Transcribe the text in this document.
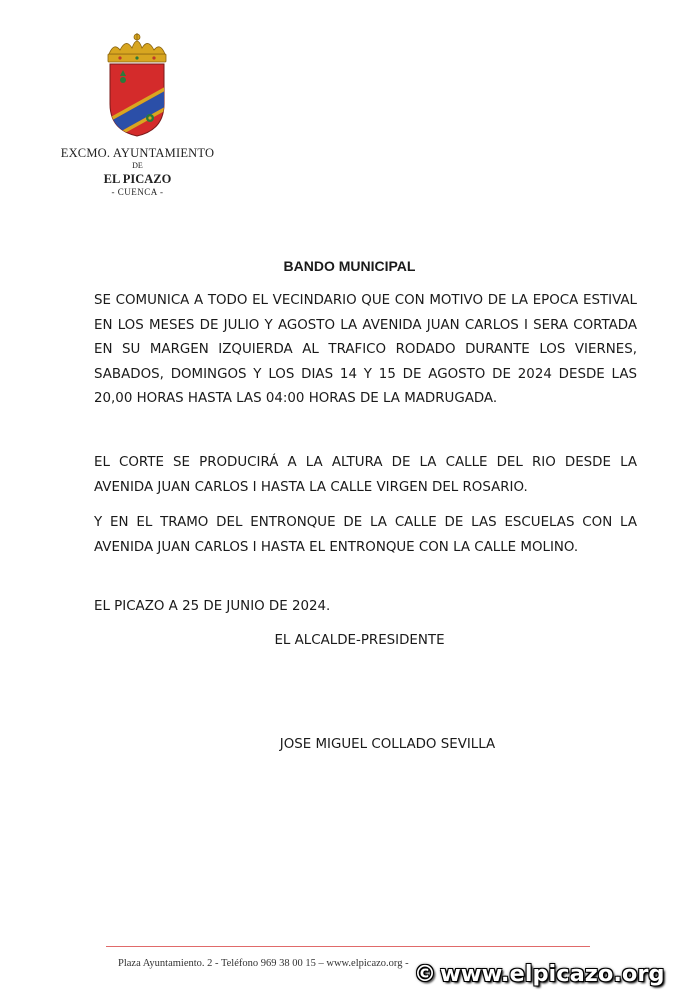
EXCMO. AYUNTAMIENTO
DE
EL PICAZO
- CUENCA -
BANDO MUNICIPAL
SE COMUNICA A TODO EL VECINDARIO QUE CON MOTIVO DE LA EPOCA ESTIVAL EN LOS MESES DE JULIO Y AGOSTO LA AVENIDA JUAN CARLOS I SERA CORTADA EN SU MARGEN IZQUIERDA AL TRAFICO RODADO DURANTE LOS VIERNES, SABADOS, DOMINGOS Y LOS DIAS 14 Y 15 DE AGOSTO DE 2024 DESDE LAS 20,00 HORAS HASTA LAS 04:00 HORAS DE LA MADRUGADA.
EL CORTE SE PRODUCIRÁ A LA ALTURA DE LA CALLE DEL RIO DESDE LA AVENIDA JUAN CARLOS I HASTA LA CALLE VIRGEN DEL ROSARIO.
Y EN EL TRAMO DEL ENTRONQUE DE LA CALLE DE LAS ESCUELAS CON LA AVENIDA JUAN CARLOS I HASTA EL ENTRONQUE CON LA CALLE MOLINO.
EL PICAZO A 25 DE JUNIO DE 2024.
EL ALCALDE-PRESIDENTE
JOSE MIGUEL COLLADO SEVILLA
Plaza Ayuntamiento. 2 - Teléfono 969 38 00 15 – www.elpicazo.org - © www.elpicazo.org
